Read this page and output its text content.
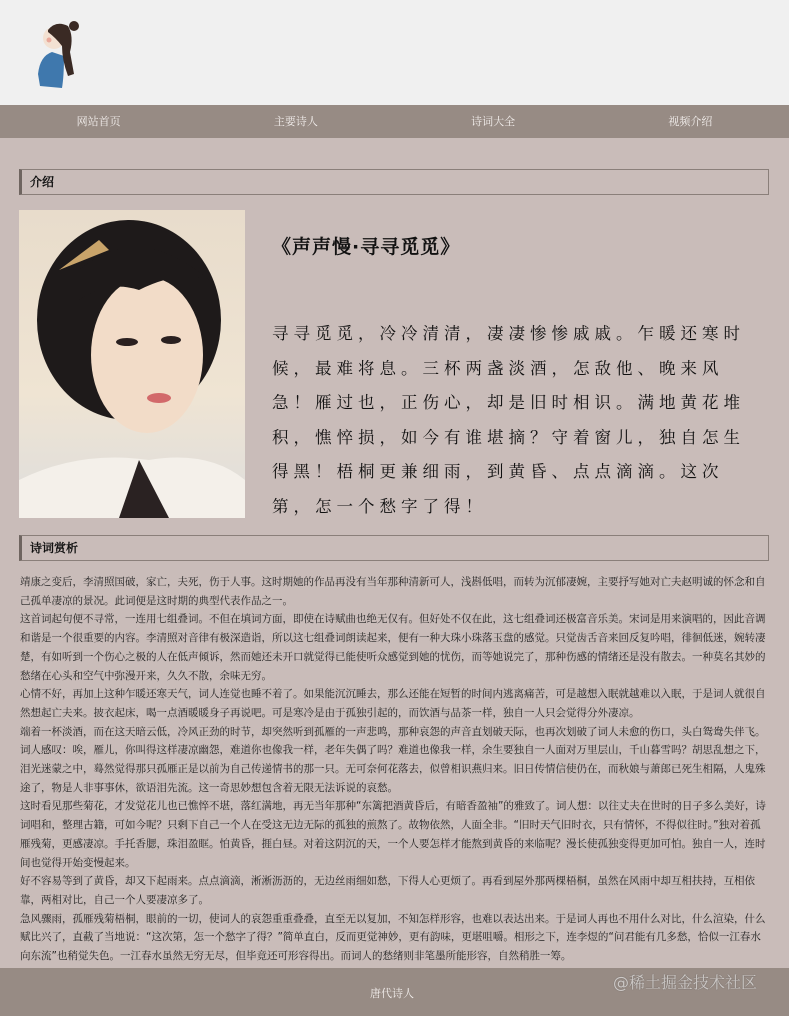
网站首页	主要诗人	诗词大全	视频介绍
介绍
《声声慢·寻寻觅觅》
寻寻觅觅，冷冷清清，凄凄惨惨戚戚。乍暖还寒时候，最难将息。三杯两盏淡酒，怎敌他、晚来风急！雁过也，正伤心，却是旧时相识。满地黄花堆积，憔悴损，如今有谁堪摘？守着窗儿，独自怎生得黑！梧桐更兼细雨，到黄昏、点点滴滴。这次第，怎一个愁字了得！
诗词赏析

靖康之变后，李清照国破，家亡，夫死，伤于人事。这时期她的作品再没有当年那种清新可人，浅斟低唱，而转为沉郁凄婉，主要抒写她对亡夫赵明诚的怀念和自己孤单凄凉的景况。此词便是这时期的典型代表作品之一。

这首词起句便不寻常，一连用七组叠词。不但在填词方面，即使在诗赋曲也绝无仅有。但好处不仅在此，这七组叠词还极富音乐美。宋词是用来演唱的，因此音调和谐是一个很重要的内容。李清照对音律有极深造诣，所以这七组叠词朗读起来，便有一种大珠小珠落玉盘的感觉。只觉齿舌音来回反复吟唱，徘徊低迷，婉转凄楚，有如听到一个伤心之极的人在低声倾诉，然而她还未开口就觉得已能使听众感觉到她的忧伤，而等她说完了，那种伤感的情绪还是没有散去。一种莫名其妙的愁绪在心头和空气中弥漫开来，久久不散，余味无穷。

心情不好，再加上这种乍暖还寒天气，词人连觉也睡不着了。如果能沉沉睡去，那么还能在短暂的时间内逃离痛苦，可是越想入眠就越难以入眠，于是词人就很自然想起亡夫来。披衣起床，喝一点酒暖暖身子再说吧。可是寒冷是由于孤独引起的，而饮酒与品茶一样，独自一人只会觉得分外凄凉。

端着一杯淡酒，而在这天暗云低，冷风正劲的时节，却突然听到孤雁的一声悲鸣，那种哀怨的声音直划破天际，也再次划破了词人未愈的伤口，头白鸳鸯失伴飞。

词人感叹：唉，雁儿，你叫得这样凄凉幽怨，难道你也像我一样，老年失偶了吗？难道也像我一样，余生要独自一人面对万里层山，千山暮雪吗？胡思乱想之下，泪光迷蒙之中，蓦然觉得那只孤雁正是以前为自己传递情书的那一只。无可奈何花落去，似曾相识燕归来。旧日传情信使仍在，而秋娘与萧郎已死生相隔，人鬼殊途了，物是人非事事休，欲语泪先流。这一奇思妙想包含着无限无法诉说的哀愁。

这时看见那些菊花，才发觉花儿也已憔悴不堪，落红满地，再无当年那种“东篱把酒黄昏后，有暗香盈袖”的雅致了。词人想：以往丈夫在世时的日子多么美好，诗词唱和，整理古籍，可如今呢？只剩下自己一个人在受这无边无际的孤独的煎熬了。故物依然，人面全非。“旧时天气旧时衣，只有情怀，不得似往时。”独对着孤雁残菊，更感凄凉。手托香腮，珠泪盈眶。怕黄昏，捱白昼。对着这阴沉的天，一个人要怎样才能熬到黄昏的来临呢？漫长使孤独变得更加可怕。独自一人，连时间也觉得开始变慢起来。

好不容易等到了黄昏，却又下起雨来。点点滴滴，淅淅沥沥的，无边丝雨细如愁，下得人心更烦了。再看到屋外那两棵梧桐，虽然在风雨中却互相扶持，互相依靠，两相对比，自己一个人要凄凉多了。

急风骤雨，孤雁残菊梧桐，眼前的一切，使词人的哀怨重重叠叠，直至无以复加，不知怎样形容，也难以表达出来。于是词人再也不用什么对比，什么渲染，什么赋比兴了，直截了当地说：“这次第，怎一个愁字了得？”简单直白，反而更觉神妙，更有韵味，更堪咀嚼。相形之下，连李煜的“问君能有几多愁，恰似一江春水向东流”也稍觉失色。一江春水虽然无穷无尽，但毕竟还可形容得出。而词人的愁绪则非笔墨所能形容，自然稍胜一筹。

唐代诗人
@稀土掘金技术社区
